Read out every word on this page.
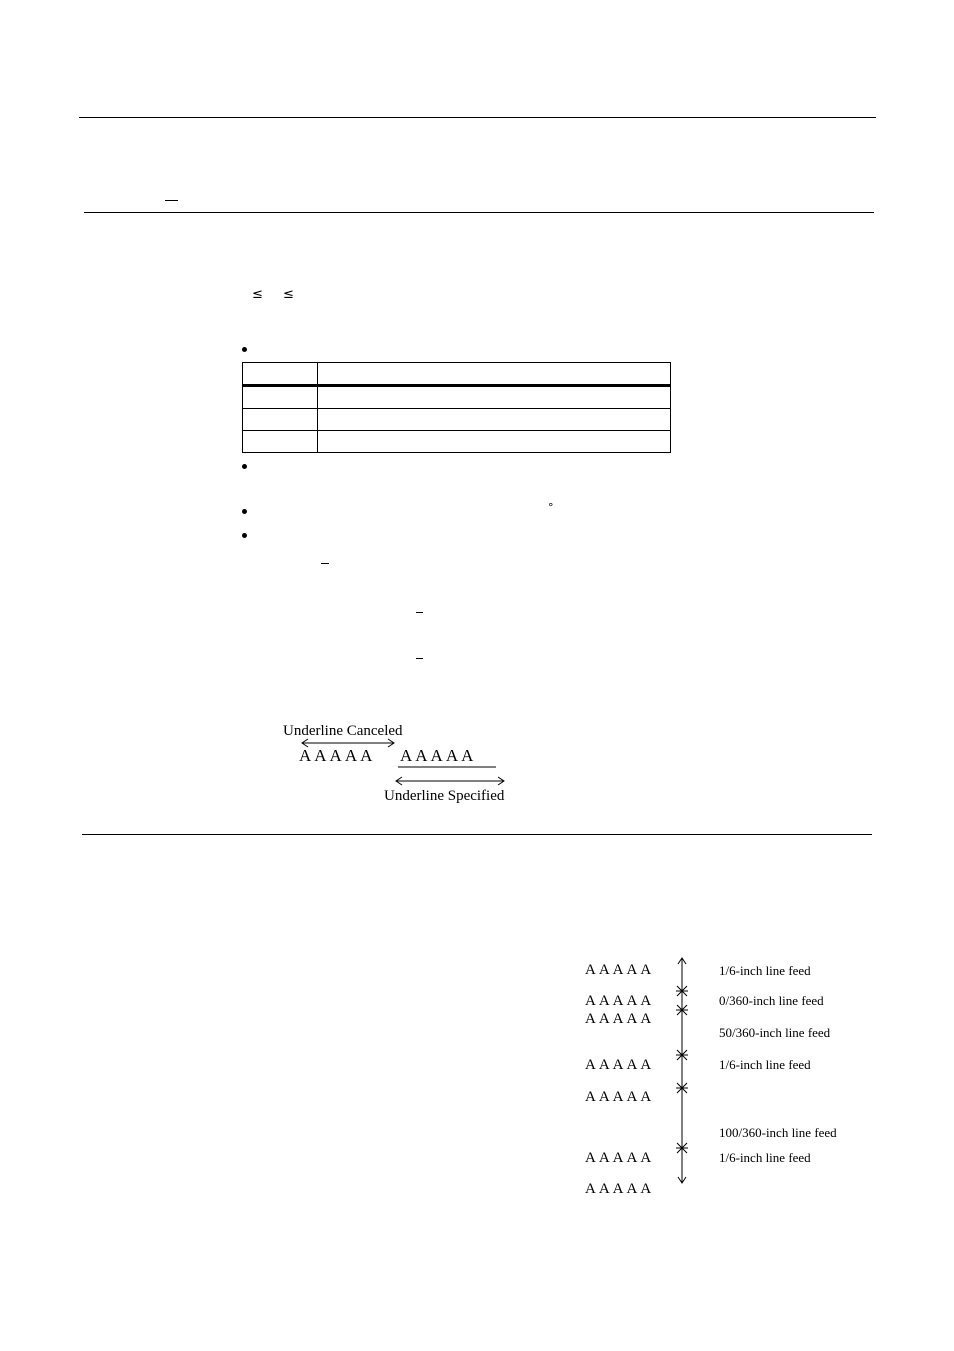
≤ ≤
°

Underline Canceled
AAAAA AAAAA
Underline Specified
AAAAA
AAAAA
AAAAA
AAAAA
AAAAA
AAAAA
AAAAA
1/6-inch line feed
0/360-inch line feed
50/360-inch line feed
1/6-inch line feed
100/360-inch line feed
1/6-inch line feed
